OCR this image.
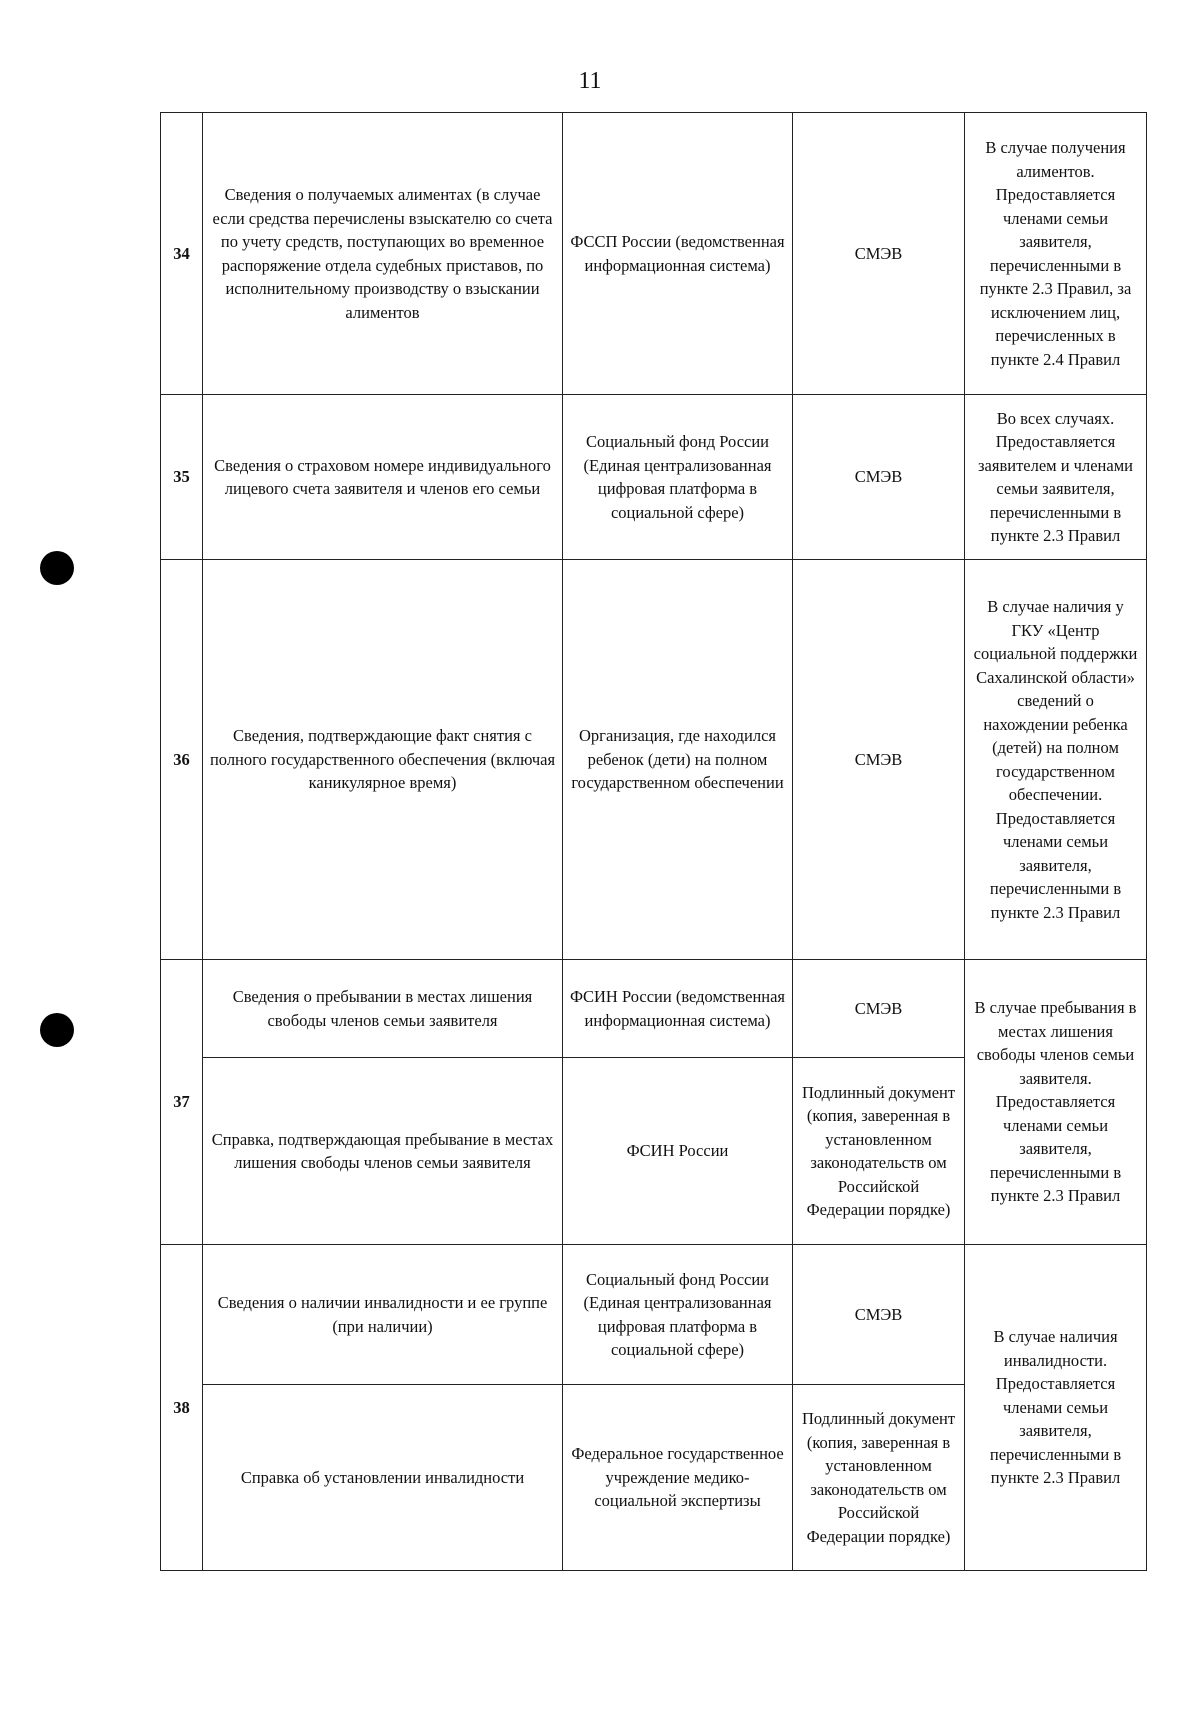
11
34	Сведения о получаемых алиментах (в случае если средства перечислены взыскателю со счета по учету средств, поступающих во временное распоряжение отдела судебных приставов, по исполнительному производству о взыскании алиментов	ФССП России (ведомственная информационная система)	СМЭВ	В случае получения алиментов. Предоставляется членами семьи заявителя, перечисленными в пункте 2.3 Правил, за исключением лиц, перечисленных в пункте 2.4 Правил
35	Сведения о страховом номере индивидуального лицевого счета заявителя и членов его семьи	Социальный фонд России (Единая централизованная цифровая платформа в социальной сфере)	СМЭВ	Во всех случаях. Предоставляется заявителем и членами семьи заявителя, перечисленными в пункте 2.3 Правил
36	Сведения, подтверждающие факт снятия с полного государственного обеспечения (включая каникулярное время)	Организация, где находился ребенок (дети) на полном государственном обеспечении	СМЭВ	В случае наличия у ГКУ «Центр социальной поддержки Сахалинской области» сведений о нахождении ребенка (детей) на полном государственном обеспечении. Предоставляется членами семьи заявителя, перечисленными в пункте 2.3 Правил
37	Сведения о пребывании в местах лишения свободы членов семьи заявителя	ФСИН России (ведомственная информационная система)	СМЭВ	В случае пребывания в местах лишения свободы членов семьи заявителя. Предоставляется членами семьи заявителя, перечисленными в пункте 2.3 Правил
	Справка, подтверждающая пребывание в местах лишения свободы членов семьи заявителя	ФСИН России	Подлинный документ (копия, заверенная в установленном законодательств ом Российской Федерации порядке)	
38	Сведения о наличии инвалидности и ее группе (при наличии)	Социальный фонд России (Единая централизованная цифровая платформа в социальной сфере)	СМЭВ	В случае наличия инвалидности. Предоставляется членами семьи заявителя, перечисленными в пункте 2.3 Правил
	Справка об установлении инвалидности	Федеральное государственное учреждение медико-социальной экспертизы	Подлинный документ (копия, заверенная в установленном законодательств ом Российской Федерации порядке)	
